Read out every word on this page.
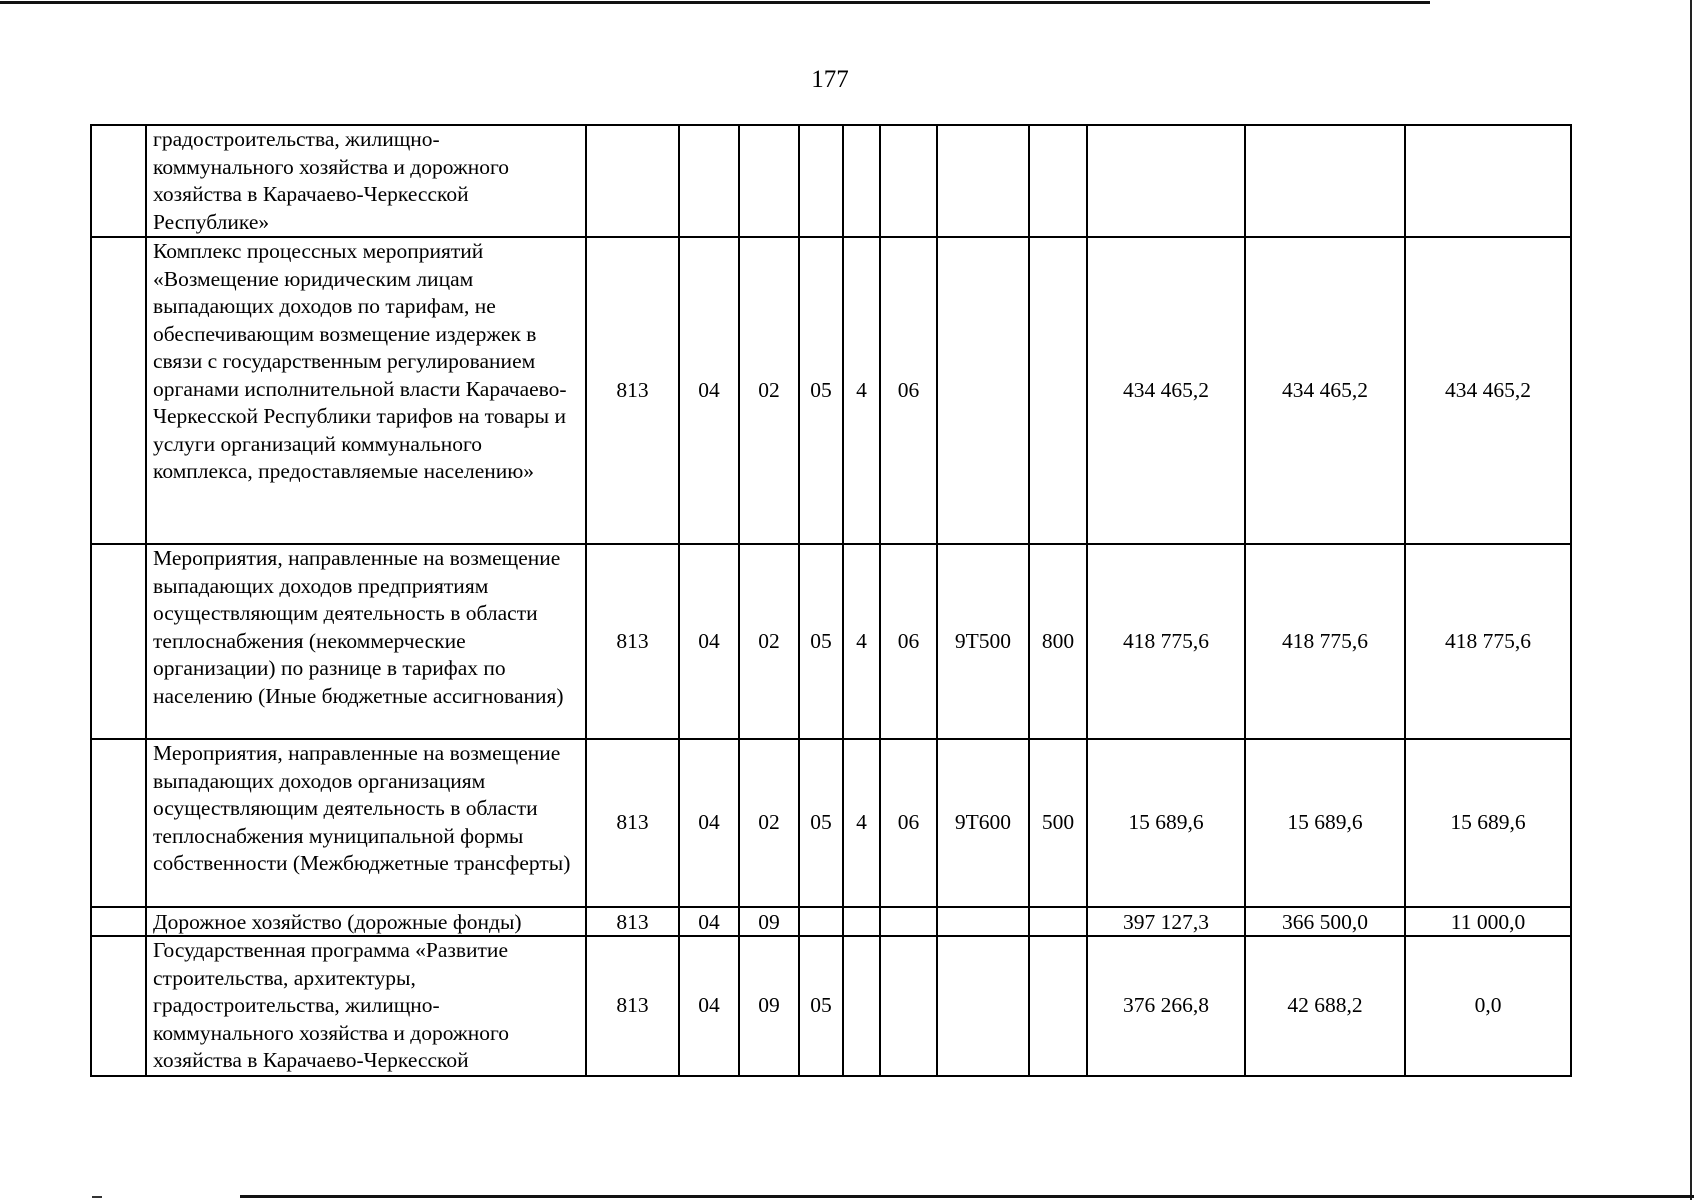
177
	градостроительства, жилищно-коммунального хозяйства и дорожного хозяйства в Карачаево-Черкесской Республике»											
	Комплекс процессных мероприятий «Возмещение юридическим лицам выпадающих доходов по тарифам, не обеспечивающим возмещение издержек в связи с государственным регулированием органами исполнительной власти Карачаево-Черкесской Республики тарифов на товары и услуги организаций коммунального комплекса, предоставляемые населению»	813	04	02	05	4	06			434 465,2	434 465,2	434 465,2
	Мероприятия, направленные на возмещение выпадающих доходов предприятиям осуществляющим деятельность в области теплоснабжения (некоммерческие организации) по разнице в тарифах по населению (Иные бюджетные ассигнования)	813	04	02	05	4	06	9Т500	800	418 775,6	418 775,6	418 775,6
	Мероприятия, направленные на возмещение выпадающих доходов организациям осуществляющим деятельность в области теплоснабжения муниципальной формы собственности (Межбюджетные трансферты)	813	04	02	05	4	06	9Т600	500	15 689,6	15 689,6	15 689,6
	Дорожное хозяйство (дорожные фонды)	813	04	09						397 127,3	366 500,0	11 000,0
	Государственная программа «Развитие строительства, архитектуры, градостроительства, жилищно-коммунального хозяйства и дорожного хозяйства в Карачаево-Черкесской	813	04	09	05					376 266,8	42 688,2	0,0
